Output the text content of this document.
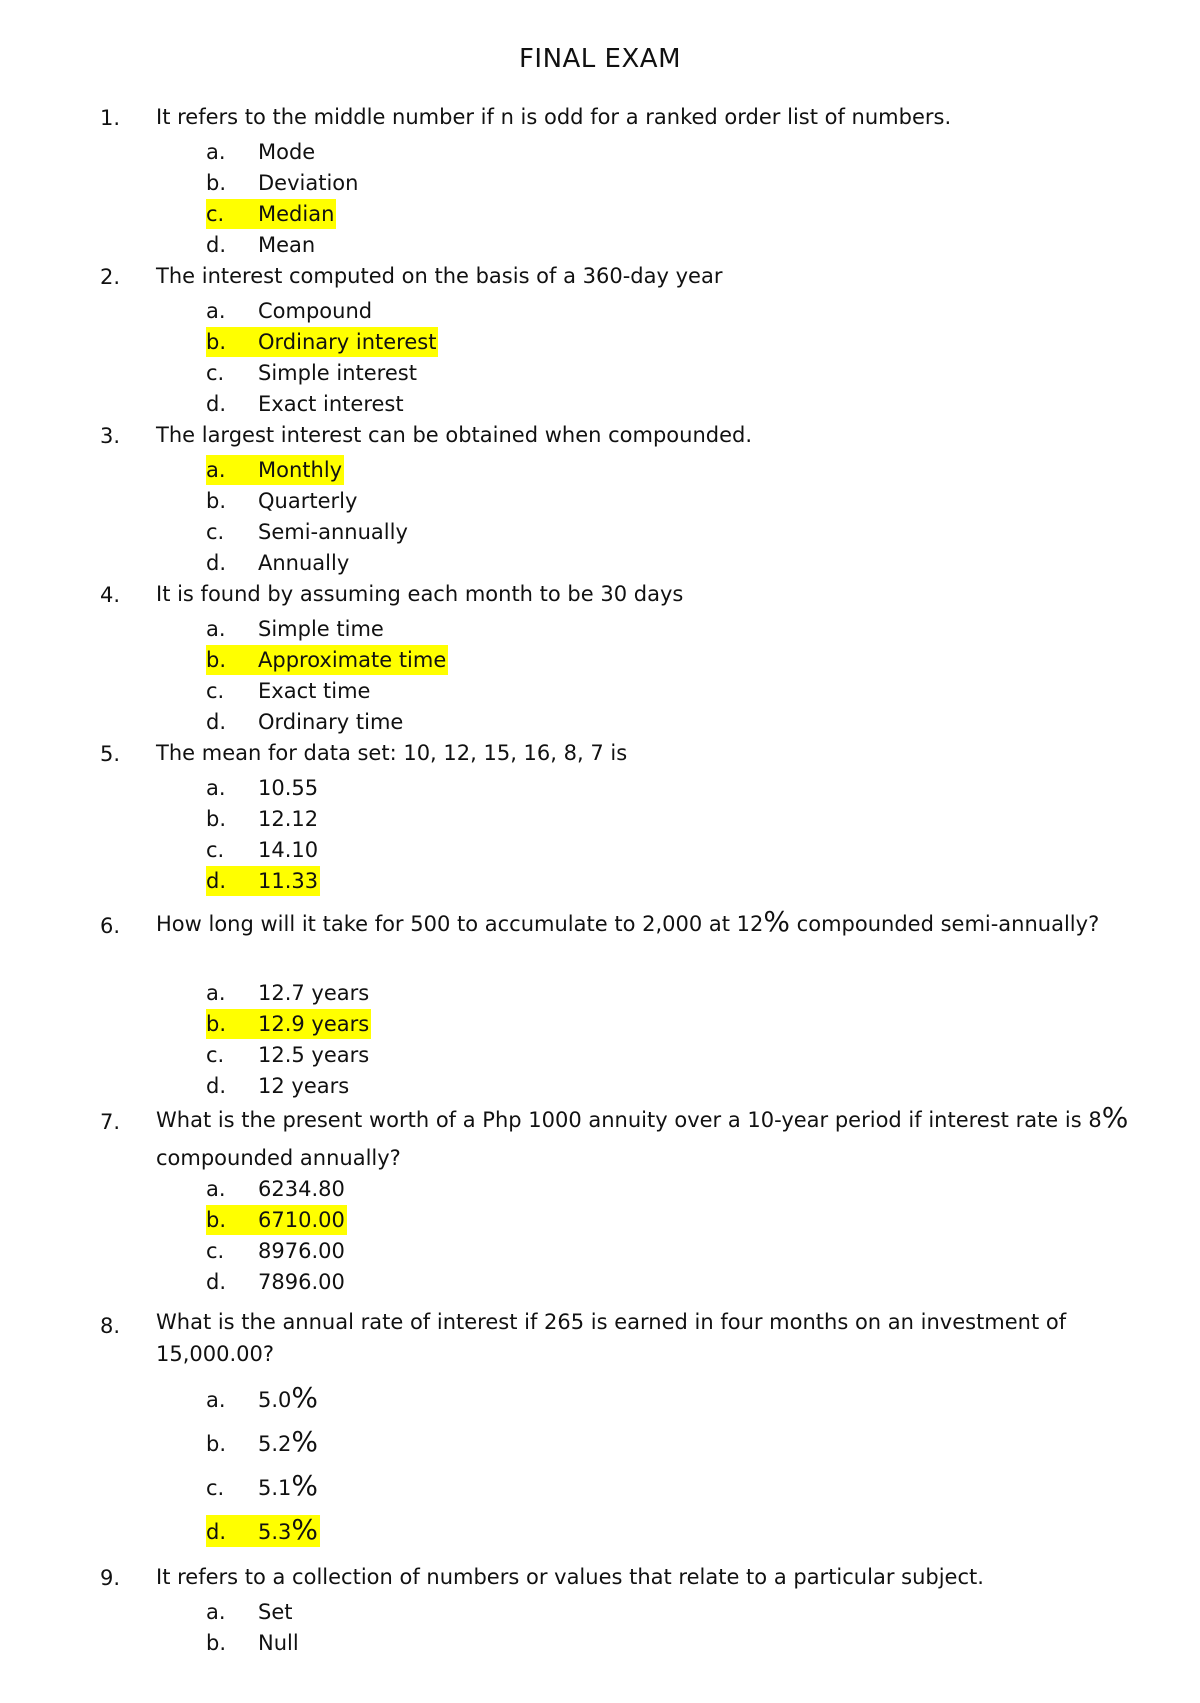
FINAL EXAM
1. It refers to the middle number if n is odd for a ranked order list of numbers.
a. Mode
b. Deviation
c. Median
d. Mean
2. The interest computed on the basis of a 360-day year
a. Compound
b. Ordinary interest
c. Simple interest
d. Exact interest
3. The largest interest can be obtained when compounded.
a. Monthly
b. Quarterly
c. Semi-annually
d. Annually
4. It is found by assuming each month to be 30 days
a. Simple time
b. Approximate time
c. Exact time
d. Ordinary time
5. The mean for data set: 10, 12, 15, 16, 8, 7 is
a. 10.55
b. 12.12
c. 14.10
d. 11.33
6. How long will it take for 500 to accumulate to 2,000 at 12% compounded semi-annually?
a. 12.7 years
b. 12.9 years
c. 12.5 years
d. 12 years
7. What is the present worth of a Php 1000 annuity over a 10-year period if interest rate is 8% compounded annually?
a. 6234.80
b. 6710.00
c. 8976.00
d. 7896.00
8. What is the annual rate of interest if 265 is earned in four months on an investment of 15,000.00?
a. 5.0%
b. 5.2%
c. 5.1%
d. 5.3%
9. It refers to a collection of numbers or values that relate to a particular subject.
a. Set
b. Null
